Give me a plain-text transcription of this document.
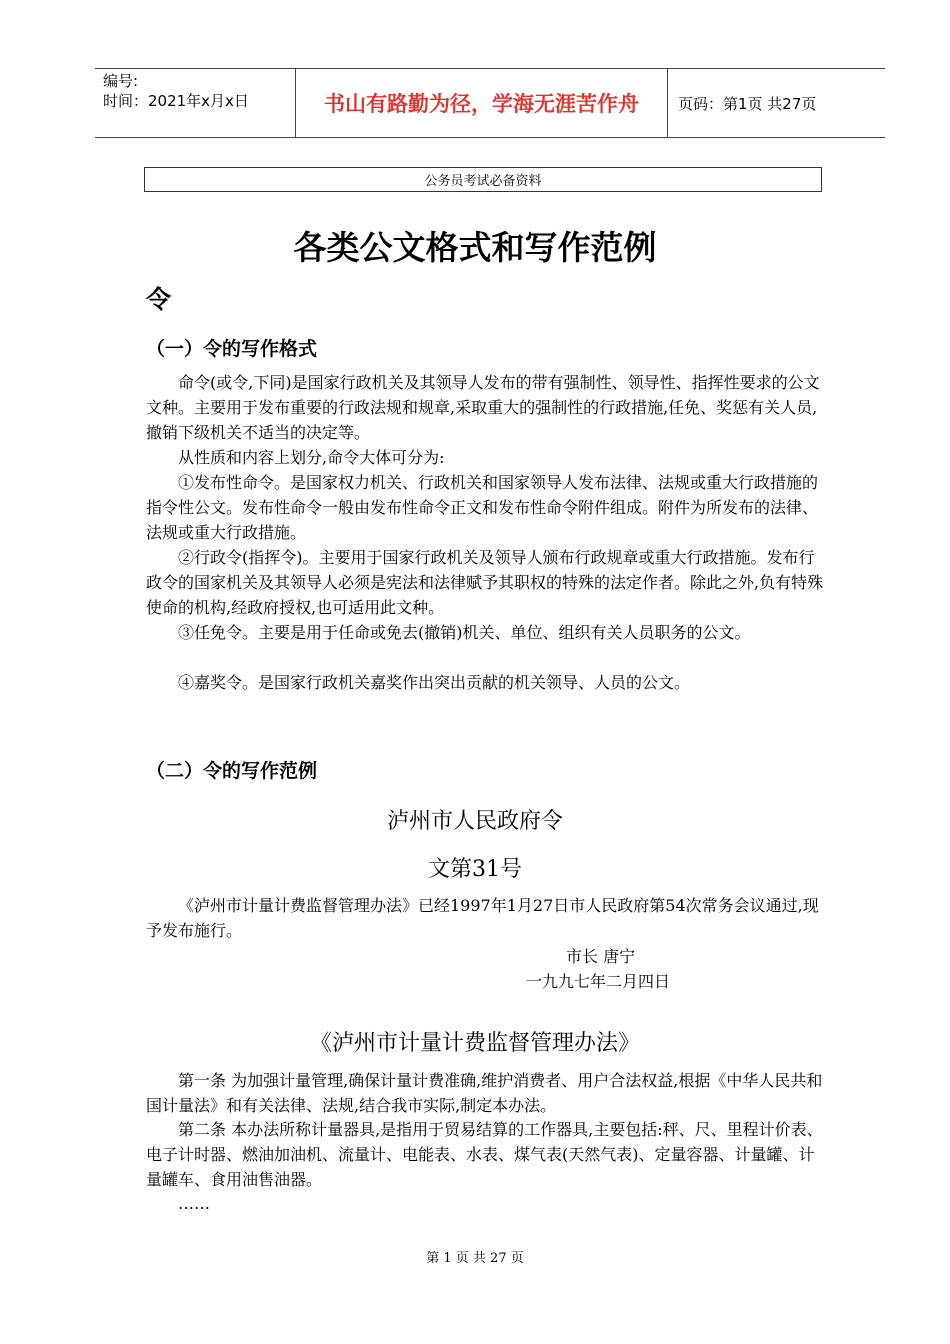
编号:
时间：2021年x月x日	书山有路勤为径，学海无涯苦作舟	页码：第1页 共27页
公务员考试必备资料
各类公文格式和写作范例
令
（一）令的写作格式

命令(或令,下同)是国家行政机关及其领导人发布的带有强制性、领导性、指挥性要求的公文文种。主要用于发布重要的行政法规和规章,采取重大的强制性的行政措施,任免、奖惩有关人员,撤销下级机关不适当的决定等。

从性质和内容上划分,命令大体可分为:

①发布性命令。是国家权力机关、行政机关和国家领导人发布法律、法规或重大行政措施的指令性公文。发布性命令一般由发布性命令正文和发布性命令附件组成。附件为所发布的法律、法规或重大行政措施。

②行政令(指挥令)。主要用于国家行政机关及领导人颁布行政规章或重大行政措施。发布行政令的国家机关及其领导人必须是宪法和法律赋予其职权的特殊的法定作者。除此之外,负有特殊使命的机构,经政府授权,也可适用此文种。

③任免令。主要是用于任命或免去(撤销)机关、单位、组织有关人员职务的公文。

④嘉奖令。是国家行政机关嘉奖作出突出贡献的机关领导、人员的公文。

（二）令的写作范例
泸州市人民政府令
文第31号

《泸州市计量计费监督管理办法》已经1997年1月27日市人民政府第54次常务会议通过,现予发布施行。

市长 唐宁
一九九七年二月四日
《泸州市计量计费监督管理办法》

第一条 为加强计量管理,确保计量计费准确,维护消费者、用户合法权益,根据《中华人民共和国计量法》和有关法律、法规,结合我市实际,制定本办法。

第二条 本办法所称计量器具,是指用于贸易结算的工作器具,主要包括:秤、尺、里程计价表、电子计时器、燃油加油机、流量计、电能表、水表、煤气表(天然气表)、定量容器、计量罐、计量罐车、食用油售油器。

……

第 1 页 共 27 页
